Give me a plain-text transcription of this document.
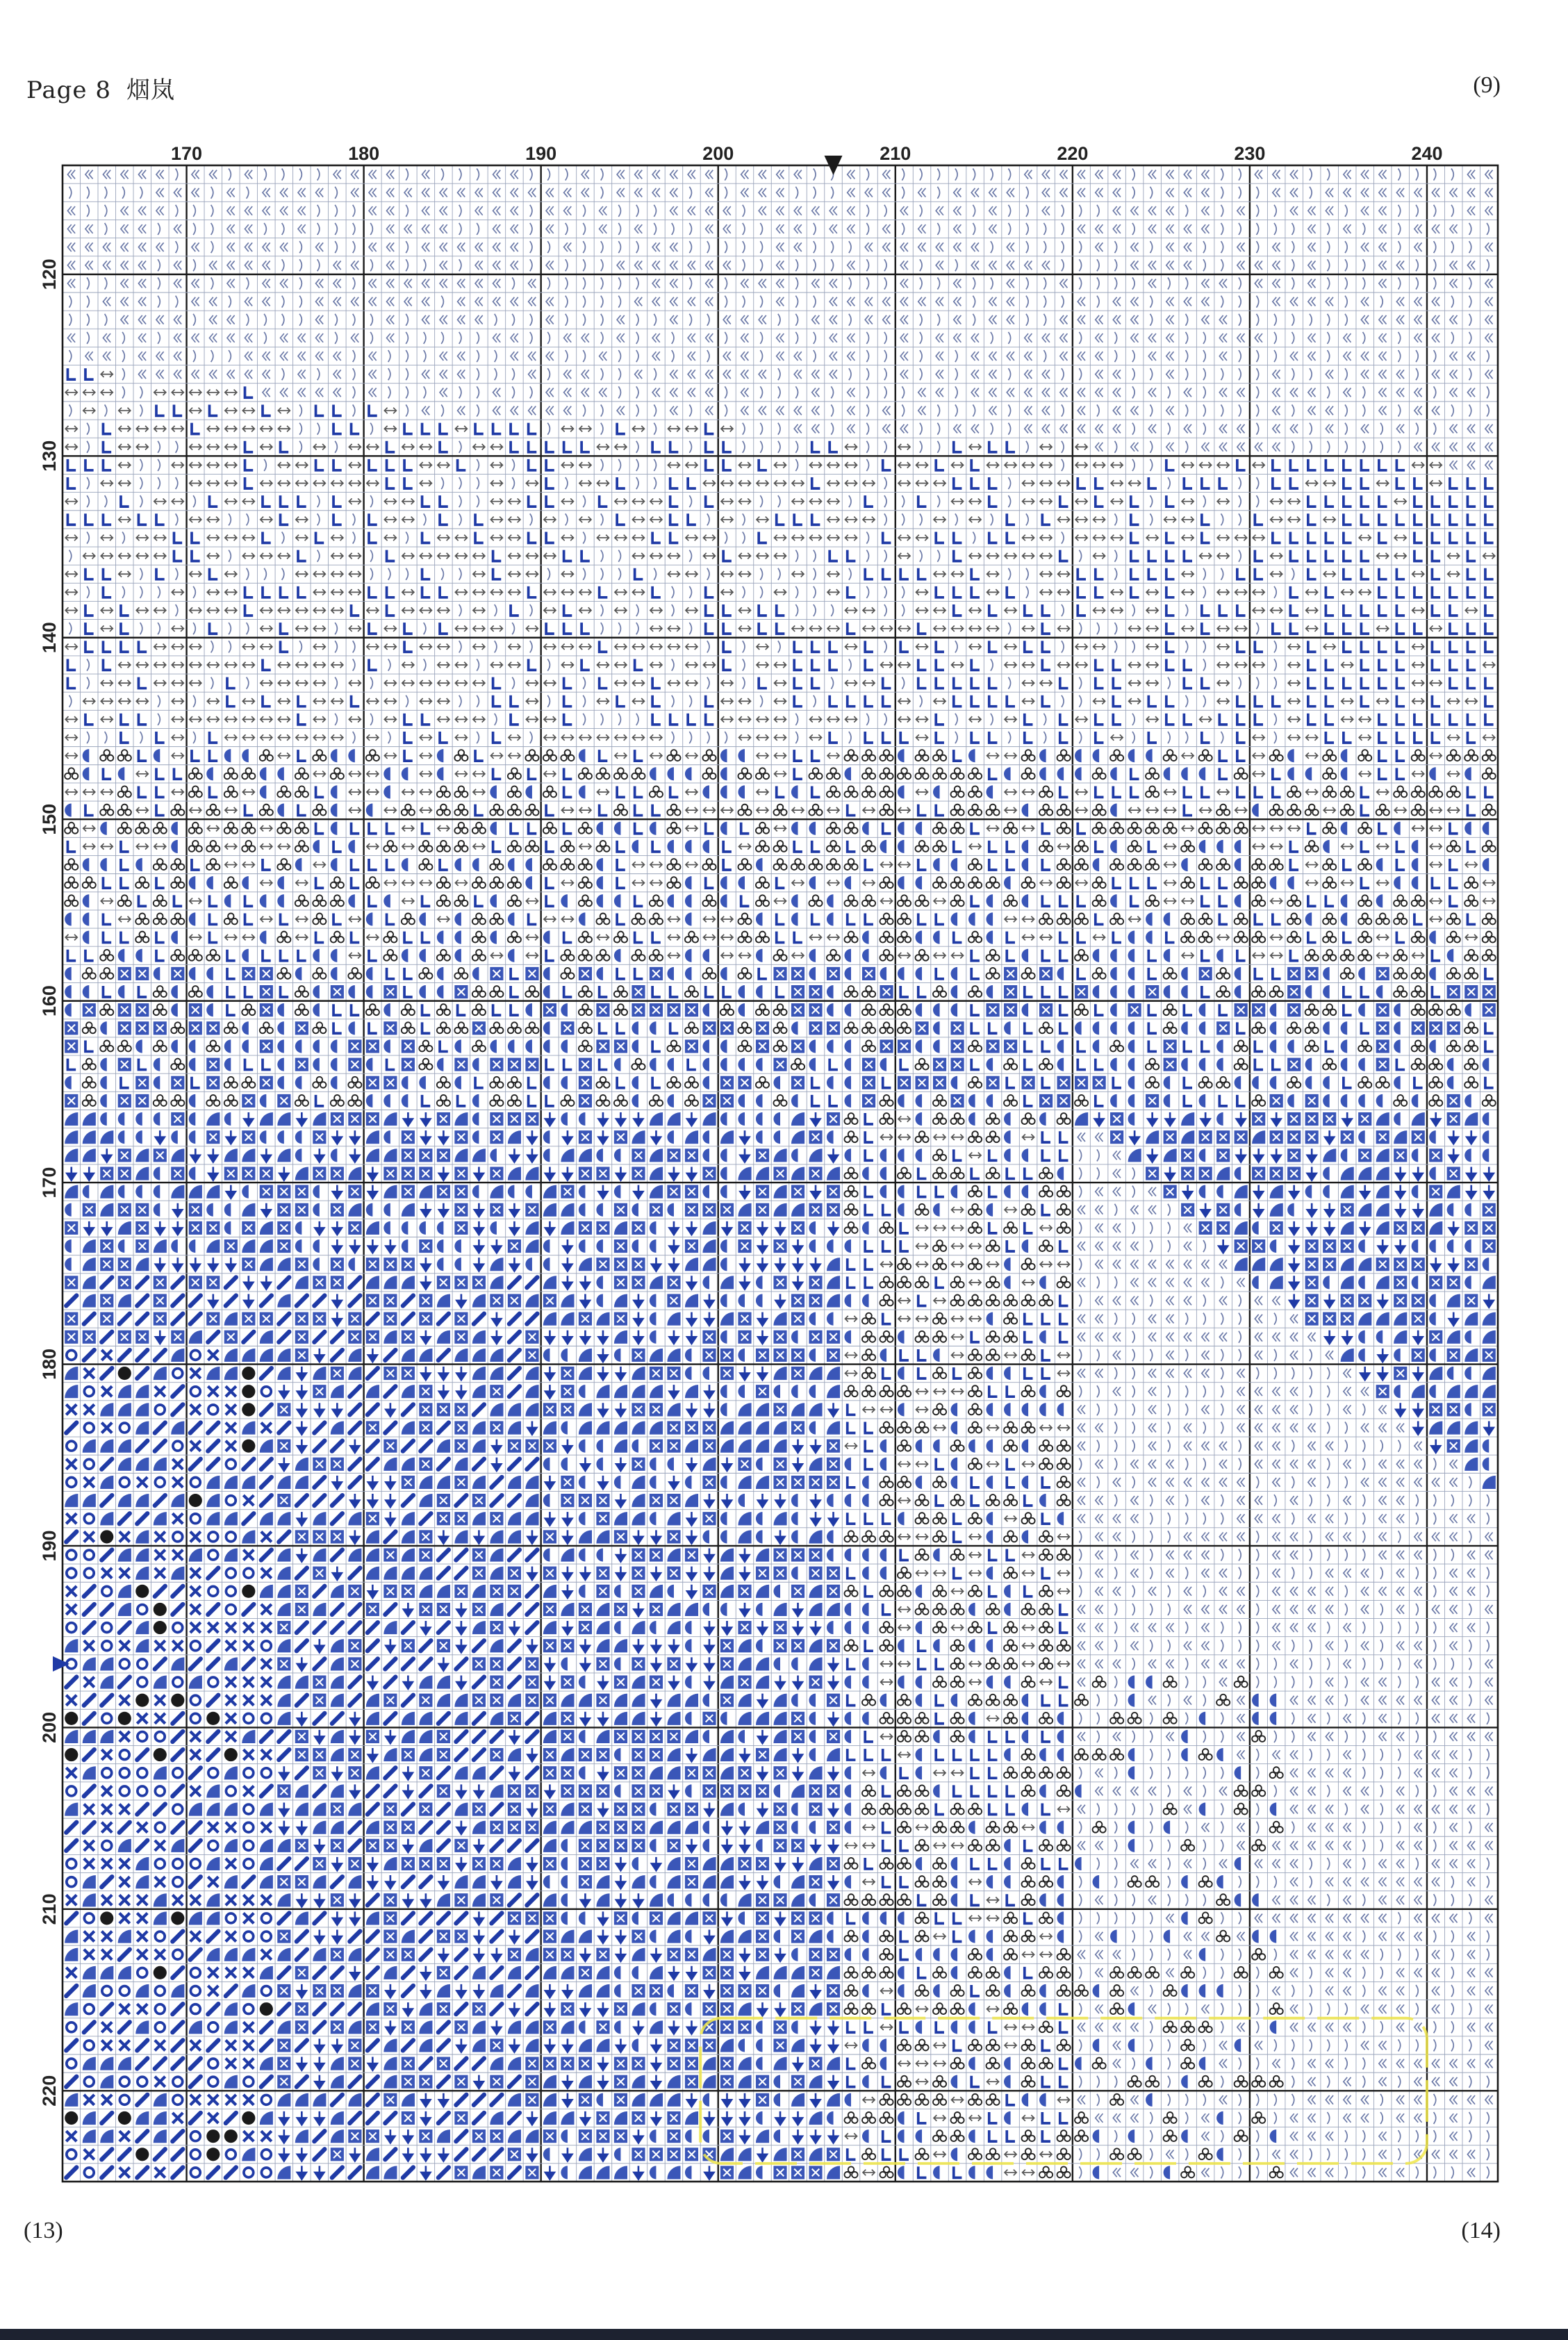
Page 8 烟岚	(9)
170	180	190	200	210	220	230	240
120
130
140
150
160
170
180
190
200
210
220
(13)	(14)
